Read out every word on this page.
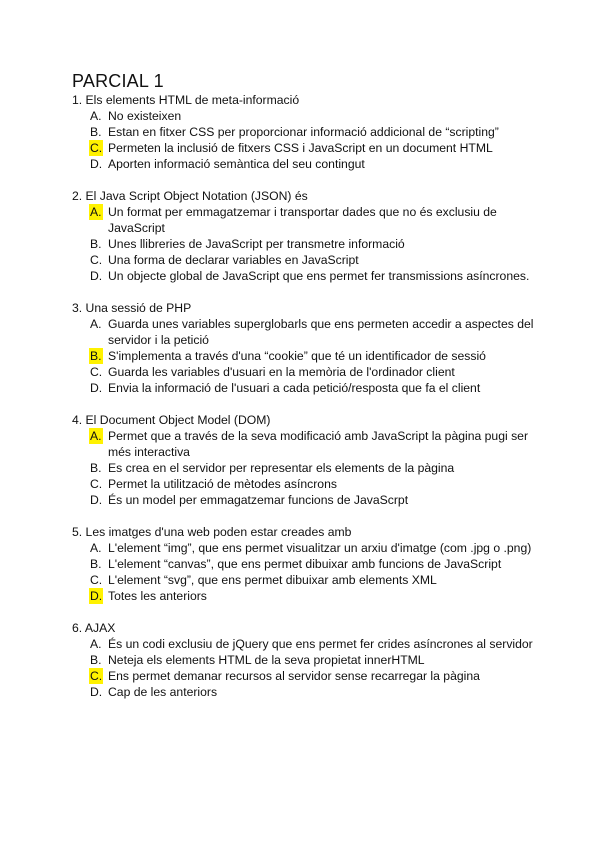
PARCIAL 1
1. Els elements HTML de meta-informació
A. No existeixen
B. Estan en fitxer CSS per proporcionar informació addicional de “scripting”
C. Permeten la inclusió de fitxers CSS i JavaScript en un document HTML
D. Aporten informació semàntica del seu contingut
2. El Java Script Object Notation (JSON) és
A. Un format per emmagatzemar i transportar dades que no és exclusiu de JavaScript
B. Unes llibreries de JavaScript per transmetre informació
C. Una forma de declarar variables en JavaScript
D. Un objecte global de JavaScript que ens permet fer transmissions asíncrones.
3. Una sessió de PHP
A. Guarda unes variables superglobarls que ens permeten accedir a aspectes del servidor i la petició
B. S'implementa a través d'una “cookie” que té un identificador de sessió
C. Guarda les variables d'usuari en la memòria de l'ordinador client
D. Envia la informació de l'usuari a cada petició/resposta que fa el client
4. El Document Object Model (DOM)
A. Permet que a través de la seva modificació amb JavaScript la pàgina pugi ser més interactiva
B. Es crea en el servidor per representar els elements de la pàgina
C. Permet la utilització de mètodes asíncrons
D. És un model per emmagatzemar funcions de JavaScrpt
5. Les imatges d'una web poden estar creades amb
A. L'element “img”, que ens permet visualitzar un arxiu d'imatge (com .jpg o .png)
B. L'element “canvas”, que ens permet dibuixar amb funcions de JavaScript
C. L'element “svg”, que ens permet dibuixar amb elements XML
D. Totes les anteriors
6. AJAX
A. És un codi exclusiu de jQuery que ens permet fer crides asíncrones al servidor
B. Neteja els elements HTML de la seva propietat innerHTML
C. Ens permet demanar recursos al servidor sense recarregar la pàgina
D. Cap de les anteriors
